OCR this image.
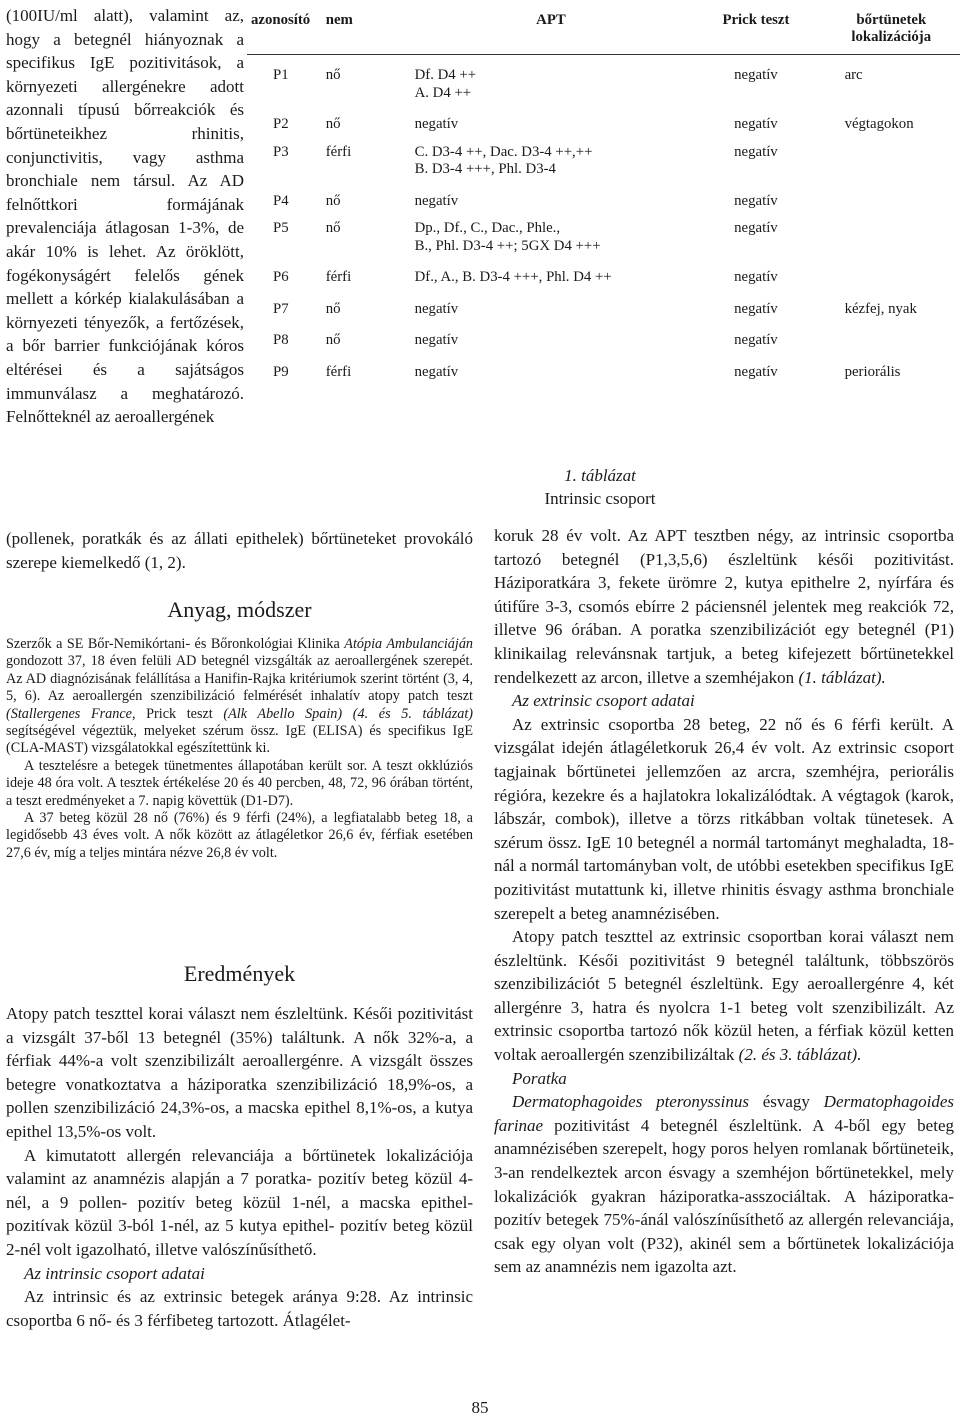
(100IU/ml alatt), valamint az, hogy a betegnél hiányoznak a specifikus IgE pozitivitások, a környezeti allergénekre adott azonnali típusú bőrreakciók és bőrtüneteikhez rhinitis, conjunctivitis, vagy asthma bronchiale nem társul. Az AD felnőttkori formájának prevalenciája átlagosan 1-3%, de akár 10% is lehet. Az öröklött, fogékonyságért felelős gének mellett a kórkép kialakulásában a környezeti tényezők, a fertőzések, a bőr barrier funkciójának kóros eltérései és a sajátságos immunválasz a meghatározó. Felnőtteknél az aeroallergének

(pollenek, poratkák és az állati epithelek) bőrtüneteket provokáló szerepe kiemelkedő (1, 2).

azonosító	nem	APT	Prick teszt	bőrtünetek lokalizációja
P1	nő	Df. D4 ++
A. D4 ++	negatív	arc
P2	nő	negatív	negatív	végtagokon
P3	férfi	C. D3-4 ++, Dac. D3-4 ++,++
B. D3-4 +++, Phl. D3-4	negatív	
P4	nő	negatív	negatív	
P5	nő	Dp., Df., C., Dac., Phle.,
B., Phl. D3-4 ++; 5GX D4 +++	negatív	
P6	férfi	Df., A., B. D3-4 +++, Phl. D4 ++	negatív	
P7	nő	negatív	negatív	kézfej, nyak
P8	nő	negatív	negatív	
P9	férfi	negatív	negatív	periorális
1. táblázat
Intrinsic csoport
Anyag, módszer

Szerzők a SE Bőr-Nemikórtani- és Bőronkológiai Klinika Atópia Ambulanciáján gondozott 37, 18 éven felüli AD betegnél vizsgálták az aeroallergének szerepét. Az AD diagnózisának felállítása a Hanifin-Rajka kritériumok szerint történt (3, 4, 5, 6). Az aeroallergén szenzibilizáció felmérését inhalatív atopy patch teszt (Stallergenes France, Prick teszt (Alk Abello Spain) (4. és 5. táblázat) segítségével végeztük, melyeket szérum össz. IgE (ELISA) és specifikus IgE (CLA-MAST) vizsgálatokkal egészítettünk ki.

A tesztelésre a betegek tünetmentes állapotában került sor. A teszt okklúziós ideje 48 óra volt. A tesztek értékelése 20 és 40 percben, 48, 72, 96 órában történt, a teszt eredményeket a 7. napig követtük (D1-D7).

A 37 beteg közül 28 nő (76%) és 9 férfi (24%), a legfiatalabb beteg 18, a legidősebb 43 éves volt. A nők között az átlagéletkor 26,6 év, férfiak esetében 27,6 év, míg a teljes mintára nézve 26,8 év volt.

Eredmények

Atopy patch teszttel korai választ nem észleltünk. Késői pozitivitást a vizsgált 37-ből 13 betegnél (35%) találtunk. A nők 32%-a, a férfiak 44%-a volt szenzibilizált aeroallergénre. A vizsgált összes betegre vonatkoztatva a háziporatka szenzibilizáció 18,9%-os, a pollen szenzibilizáció 24,3%-os, a macska epithel 8,1%-os, a kutya epithel 13,5%-os volt.

A kimutatott allergén relevanciája a bőrtünetek lokalizációja valamint az anamnézis alapján a 7 poratka- pozitív beteg közül 4-nél, a 9 pollen- pozitív beteg közül 1-nél, a macska epithel- pozitívak közül 3-ból 1-nél, az 5 kutya epithel- pozitív beteg közül 2-nél volt igazolható, illetve valószínűsíthető.

Az intrinsic csoport adatai

Az intrinsic és az extrinsic betegek aránya 9:28. Az intrinsic csoportba 6 nő- és 3 férfibeteg tartozott. Átlagélet-

koruk 28 év volt. Az APT tesztben négy, az intrinsic csoportba tartozó betegnél (P1,3,5,6) észleltünk késői pozitivitást. Háziporatkára 3, fekete ürömre 2, kutya epithelre 2, nyírfára és útifűre 3-3, csomós ebírre 2 páciensnél jelentek meg reakciók 72, illetve 96 órában. A poratka szenzibilizációt egy betegnél (P1) klinikailag relevánsnak tartjuk, a beteg kifejezett bőrtünetekkel rendelkezett az arcon, illetve a szemhéjakon (1. táblázat).

Az extrinsic csoport adatai

Az extrinsic csoportba 28 beteg, 22 nő és 6 férfi került. A vizsgálat idején átlagéletkoruk 26,4 év volt. Az extrinsic csoport tagjainak bőrtünetei jellemzően az arcra, szemhéjra, periorális régióra, kezekre és a hajlatokra lokalizálódtak. A végtagok (karok, lábszár, combok), illetve a törzs ritkábban voltak tünetesek. A szérum össz. IgE 10 betegnél a normál tartományt meghaladta, 18-nál a normál tartományban volt, de utóbbi esetekben specifikus IgE pozitivitást mutattunk ki, illetve rhinitis ésvagy asthma bronchiale szerepelt a beteg anamnézisében.

Atopy patch teszttel az extrinsic csoportban korai választ nem észleltünk. Késői pozitivitást 9 betegnél találtunk, többszörös szenzibilizációt 5 betegnél észleltünk. Egy aeroallergénre 4, két allergénre 3, hatra és nyolcra 1-1 beteg volt szenzibilizált. Az extrinsic csoportba tartozó nők közül heten, a férfiak közül ketten voltak aeroallergén szenzibilizáltak (2. és 3. táblázat).

Poratka

Dermatophagoides pteronyssinus ésvagy Dermatophagoides farinae pozitivitást 4 betegnél észleltünk. A 4-ből egy beteg anamnézisében szerepelt, hogy poros helyen romlanak bőrtüneteik, 3-an rendelkeztek arcon ésvagy a szemhéjon bőrtünetekkel, mely lokalizációk gyakran háziporatka-asszociáltak. A háziporatka-pozitív betegek 75%-ánál valószínűsíthető az allergén relevanciája, csak egy olyan volt (P32), akinél sem a bőrtünetek lokalizációja sem az anamnézis nem igazolta azt.

85
